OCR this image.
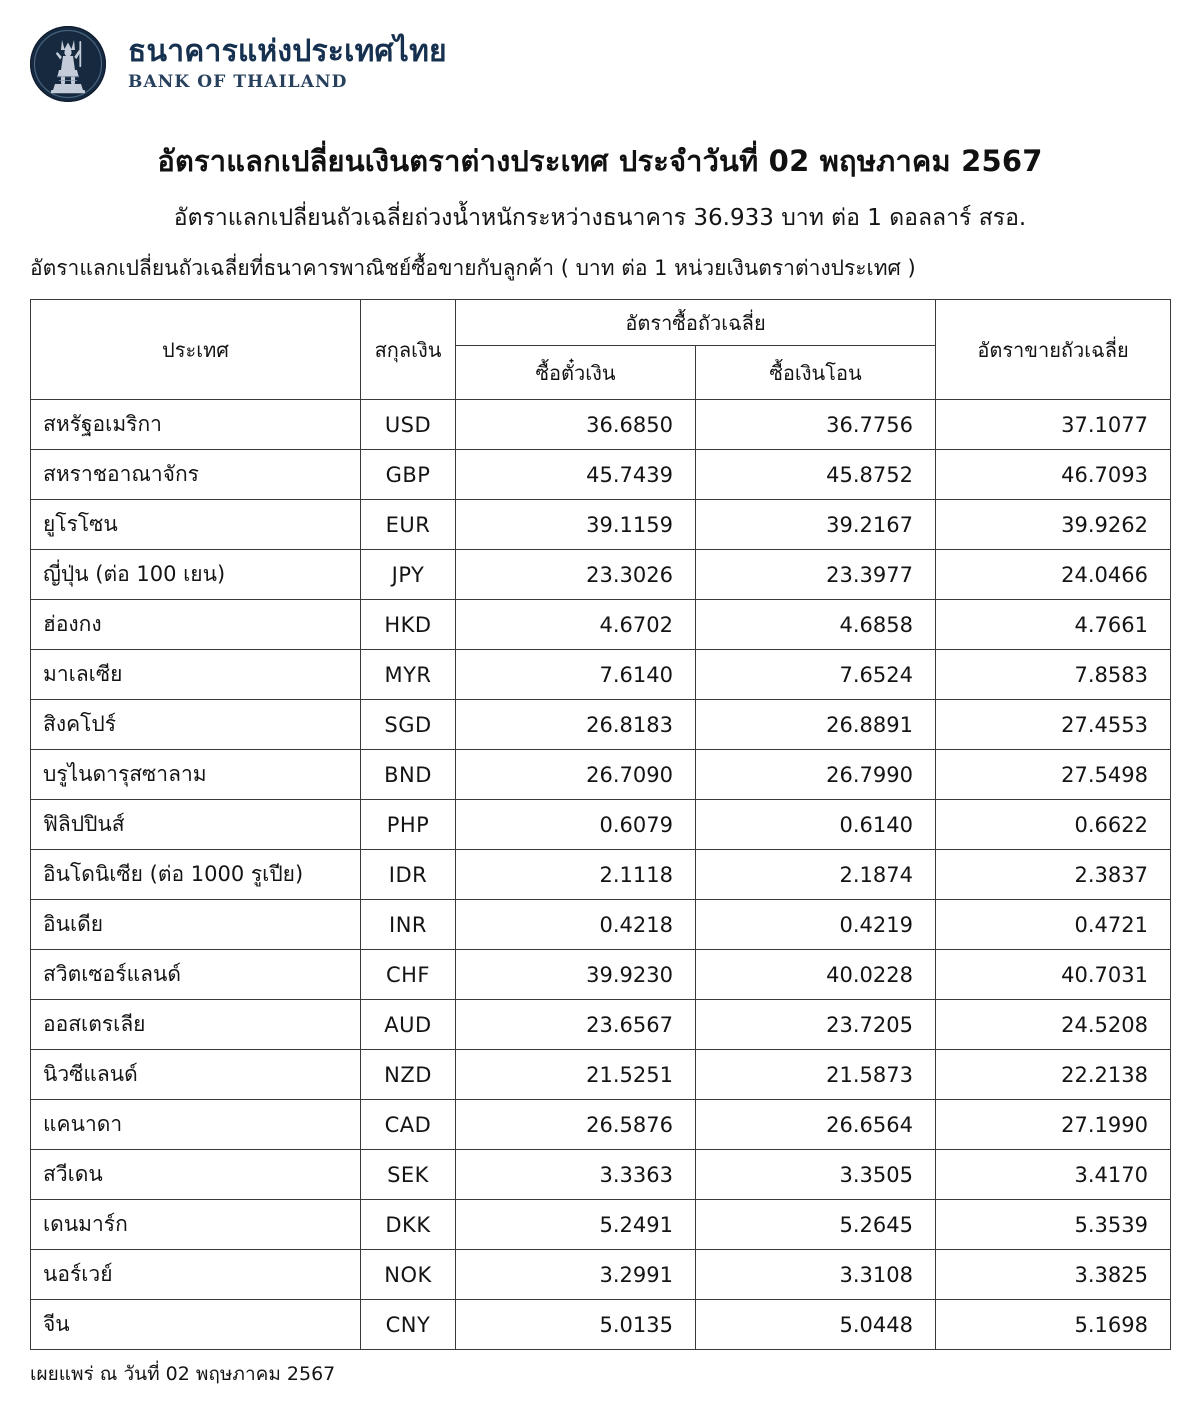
ธนาคารแห่งประเทศไทย
BANK OF THAILAND
อัตราแลกเปลี่ยนเงินตราต่างประเทศ ประจำวันที่ 02 พฤษภาคม 2567
อัตราแลกเปลี่ยนถัวเฉลี่ยถ่วงน้ำหนักระหว่างธนาคาร 36.933 บาท ต่อ 1 ดอลลาร์ สรอ.
อัตราแลกเปลี่ยนถัวเฉลี่ยที่ธนาคารพาณิชย์ซื้อขายกับลูกค้า ( บาท ต่อ 1 หน่วยเงินตราต่างประเทศ )
ประเทศ	สกุลเงิน	อัตราซื้อถัวเฉลี่ย		อัตราขายถัวเฉลี่ย
		ซื้อตั๋วเงิน	ซื้อเงินโอน	
สหรัฐอเมริกา	USD	36.6850	36.7756	37.1077
สหราชอาณาจักร	GBP	45.7439	45.8752	46.7093
ยูโรโซน	EUR	39.1159	39.2167	39.9262
ญี่ปุ่น (ต่อ 100 เยน)	JPY	23.3026	23.3977	24.0466
ฮ่องกง	HKD	4.6702	4.6858	4.7661
มาเลเซีย	MYR	7.6140	7.6524	7.8583
สิงคโปร์	SGD	26.8183	26.8891	27.4553
บรูไนดารุสซาลาม	BND	26.7090	26.7990	27.5498
ฟิลิปปินส์	PHP	0.6079	0.6140	0.6622
อินโดนิเซีย (ต่อ 1000 รูเปีย)	IDR	2.1118	2.1874	2.3837
อินเดีย	INR	0.4218	0.4219	0.4721
สวิตเซอร์แลนด์	CHF	39.9230	40.0228	40.7031
ออสเตรเลีย	AUD	23.6567	23.7205	24.5208
นิวซีแลนด์	NZD	21.5251	21.5873	22.2138
แคนาดา	CAD	26.5876	26.6564	27.1990
สวีเดน	SEK	3.3363	3.3505	3.4170
เดนมาร์ก	DKK	5.2491	5.2645	5.3539
นอร์เวย์	NOK	3.2991	3.3108	3.3825
จีน	CNY	5.0135	5.0448	5.1698
เผยแพร่ ณ วันที่ 02 พฤษภาคม 2567
